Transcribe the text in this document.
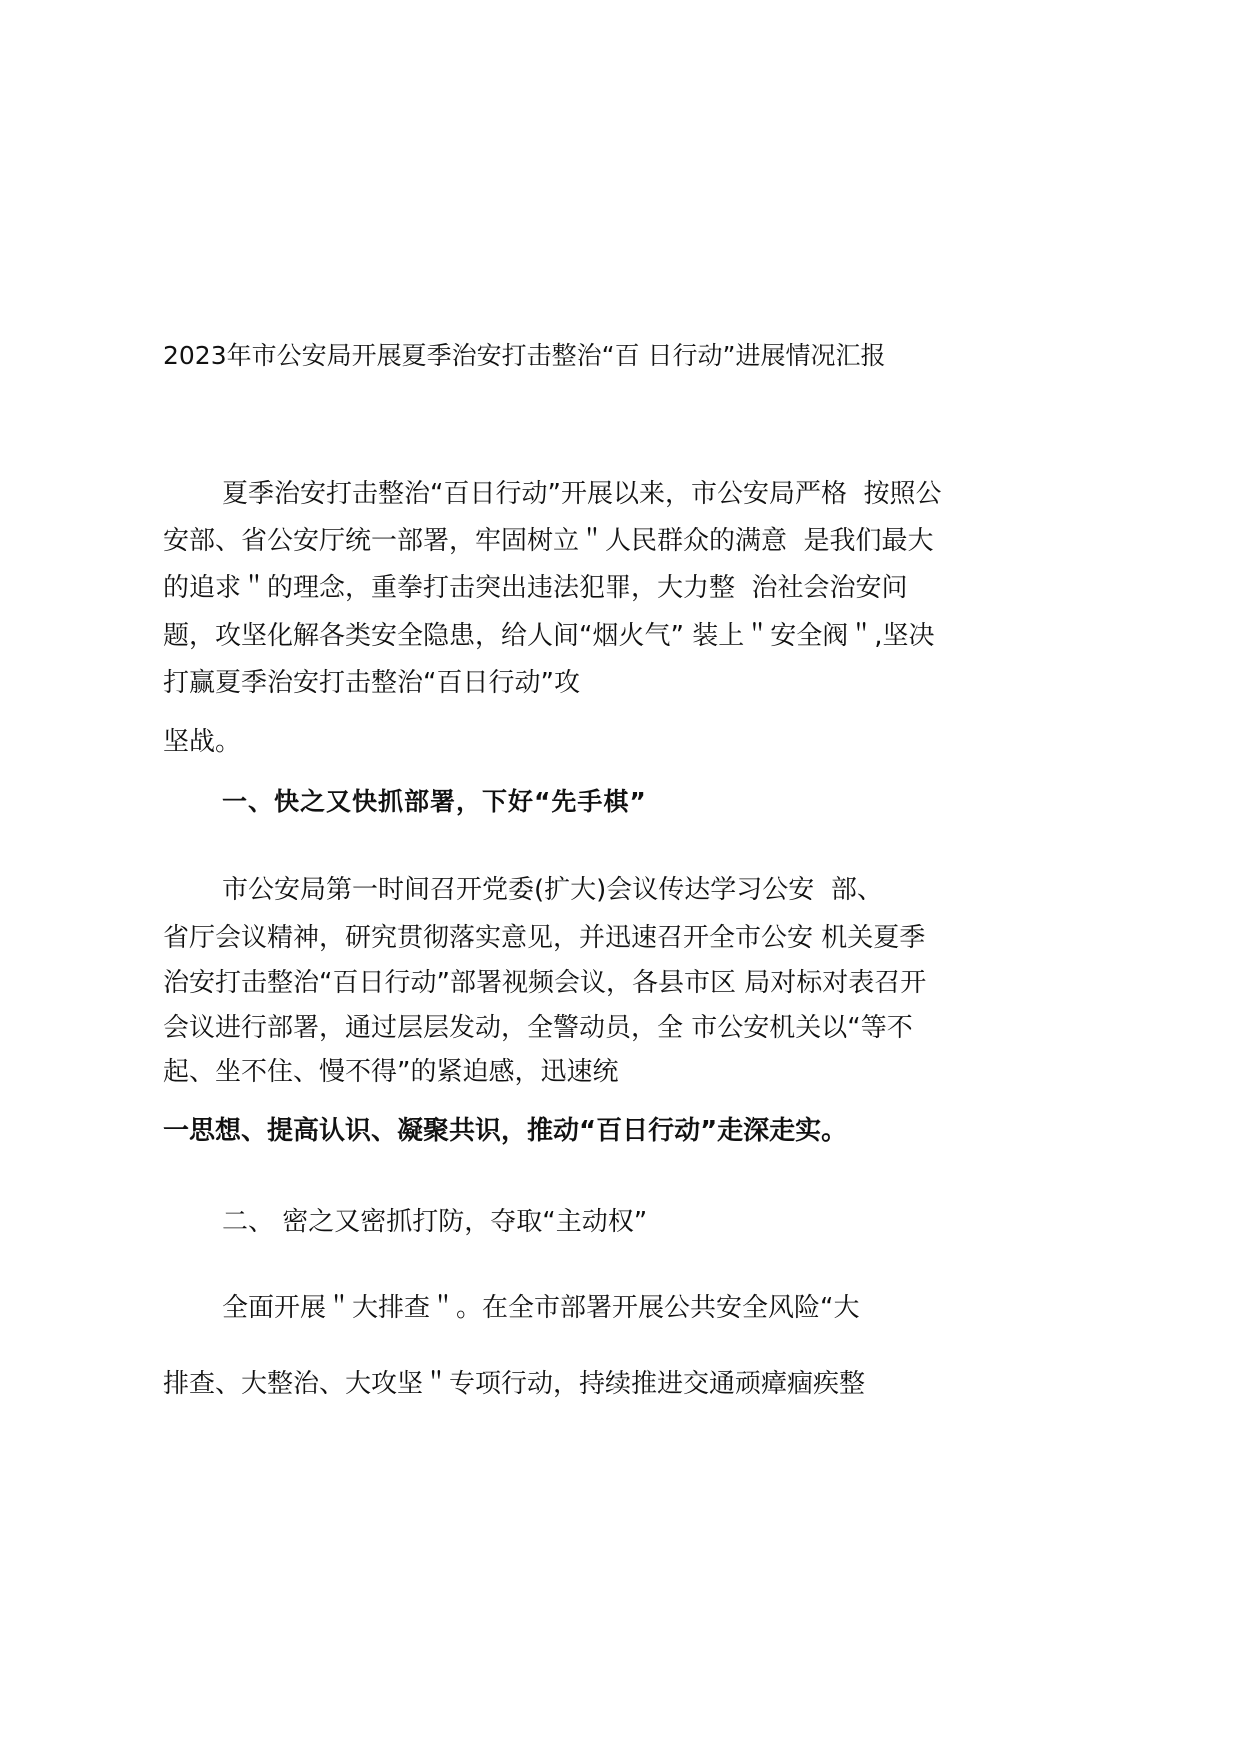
2023年市公安局开展夏季治安打击整治“百 日行动”进展情况汇报
夏季治安打击整治“百日行动”开展以来，市公安局严格  按照公
安部、省公安厅统一部署，牢固树立＂人民群众的满意  是我们最大
的追求＂的理念，重拳打击突出违法犯罪，大力整  治社会治安问
题，攻坚化解各类安全隐患，给人间“烟火气” 装上＂安全阀＂,坚决
打赢夏季治安打击整治“百日行动”攻
坚战。
一、快之又快抓部署，下好“先手棋”
市公安局第一时间召开党委(扩大)会议传达学习公安  部、
省厅会议精神，研究贯彻落实意见，并迅速召开全市公安 机关夏季
治安打击整治“百日行动”部署视频会议，各县市区 局对标对表召开
会议进行部署，通过层层发动，全警动员，全 市公安机关以“等不
起、坐不住、慢不得”的紧迫感，迅速统
一思想、提高认识、凝聚共识，推动“百日行动”走深走实。
二、 密之又密抓打防，夺取“主动权”
全面开展＂大排查＂。在全市部署开展公共安全风险“大
排查、大整治、大攻坚＂专项行动，持续推进交通顽瘴痼疾整
